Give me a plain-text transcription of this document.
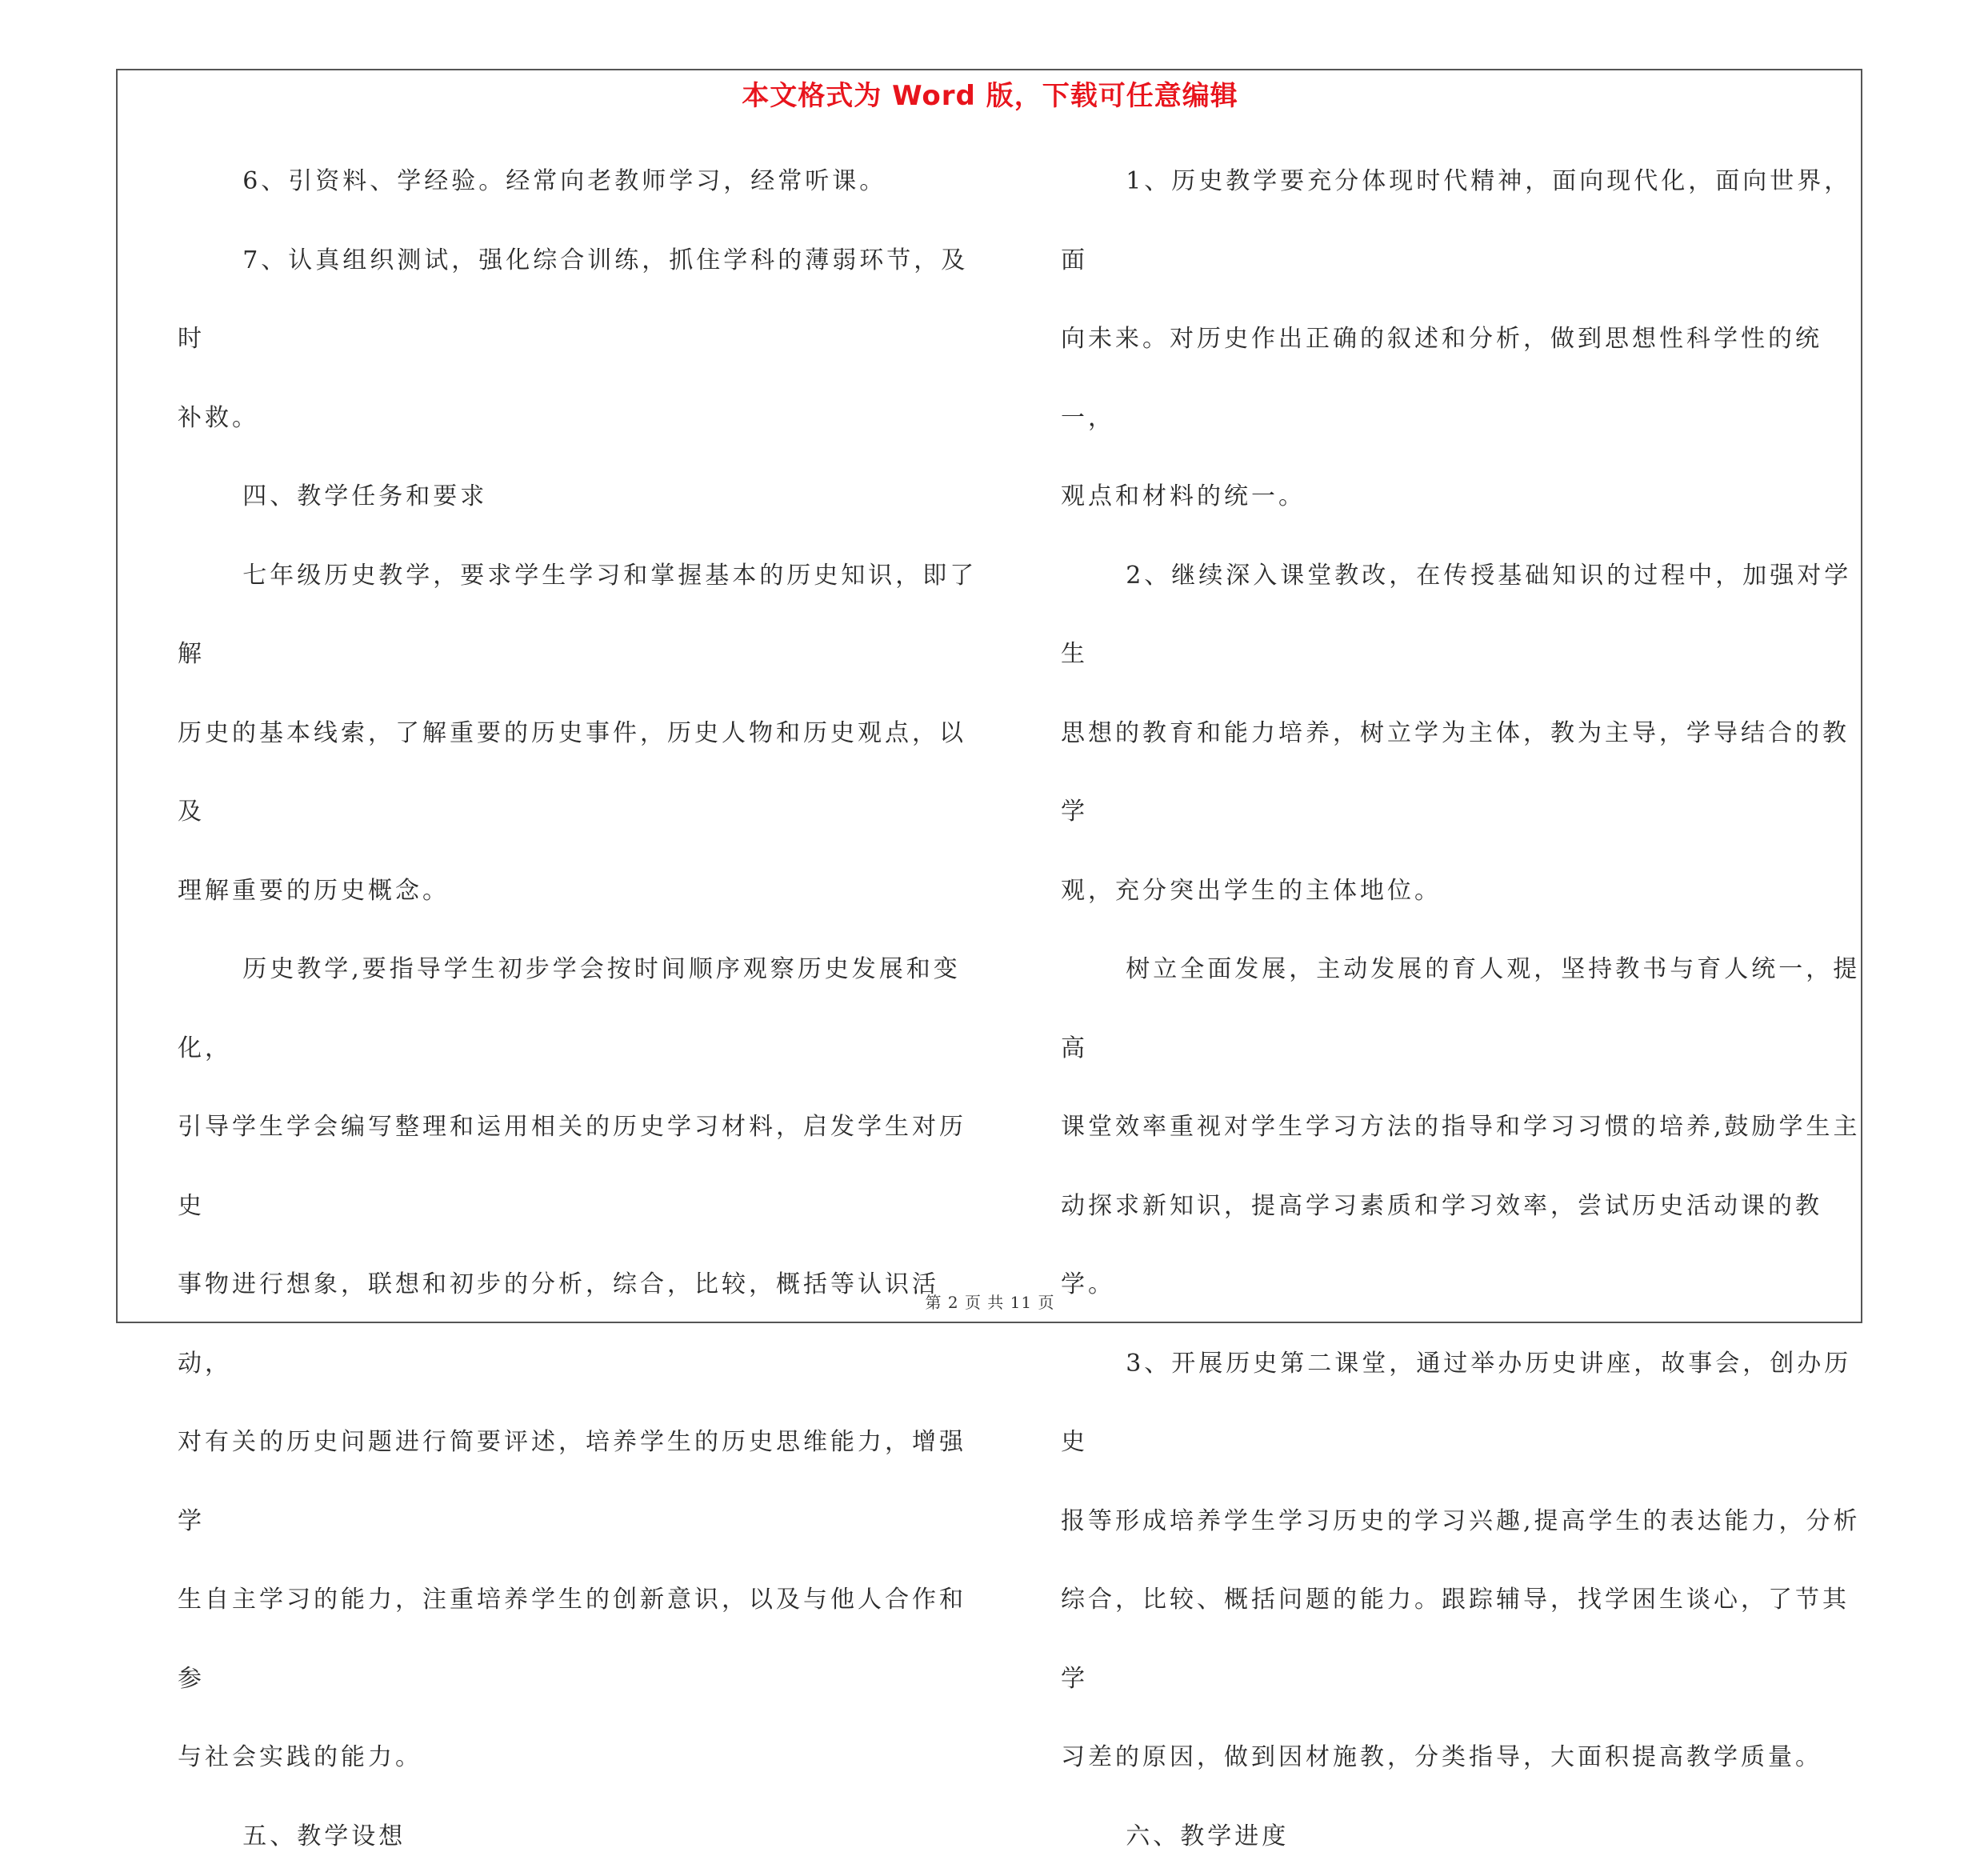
本文格式为 Word 版，下载可任意编辑

6、引资料、学经验。经常向老教师学习，经常听课。

7、认真组织测试，强化综合训练，抓住学科的薄弱环节，及时
补救。

四、教学任务和要求

七年级历史教学，要求学生学习和掌握基本的历史知识，即了解
历史的基本线索，了解重要的历史事件，历史人物和历史观点，以及
理解重要的历史概念。

历史教学,要指导学生初步学会按时间顺序观察历史发展和变化，
引导学生学会编写整理和运用相关的历史学习材料，启发学生对历史
事物进行想象，联想和初步的分析，综合，比较，概括等认识活动，
对有关的历史问题进行简要评述，培养学生的历史思维能力，增强学
生自主学习的能力，注重培养学生的创新意识，以及与他人合作和参
与社会实践的能力。

五、教学设想

1、历史教学要充分体现时代精神，面向现代化，面向世界，面
向未来。对历史作出正确的叙述和分析，做到思想性科学性的统一，
观点和材料的统一。

2、继续深入课堂教改，在传授基础知识的过程中，加强对学生
思想的教育和能力培养，树立学为主体，教为主导，学导结合的教学
观，充分突出学生的主体地位。

树立全面发展，主动发展的育人观，坚持教书与育人统一，提高
课堂效率重视对学生学习方法的指导和学习习惯的培养,鼓励学生主
动探求新知识，提高学习素质和学习效率，尝试历史活动课的教学。

3、开展历史第二课堂，通过举办历史讲座，故事会，创办历史
报等形成培养学生学习历史的学习兴趣,提高学生的表达能力，分析
综合，比较、概括问题的能力。跟踪辅导，找学困生谈心，了节其学
习差的原因，做到因材施教，分类指导，大面积提高教学质量。

六、教学进度

第 2 页 共 11 页
